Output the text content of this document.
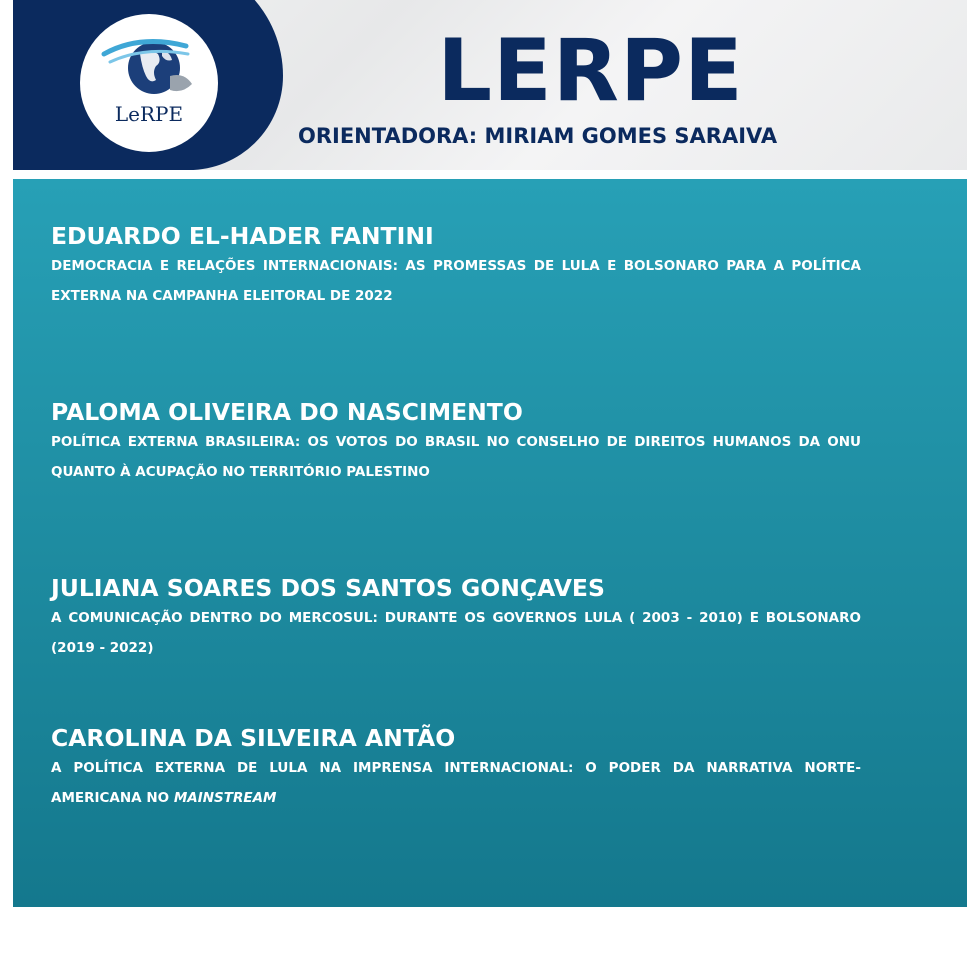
LeRPE	LERPE
ORIENTADORA: MIRIAM GOMES SARAIVA
EDUARDO EL-HADER FANTINI
DEMOCRACIA E RELAÇÕES INTERNACIONAIS: AS PROMESSAS DE LULA E BOLSONARO PARA A POLÍTICA EXTERNA NA CAMPANHA ELEITORAL DE 2022
PALOMA OLIVEIRA DO NASCIMENTO
POLÍTICA EXTERNA BRASILEIRA: OS VOTOS DO BRASIL NO CONSELHO DE DIREITOS HUMANOS DA ONU QUANTO À ACUPAÇÃO NO TERRITÓRIO PALESTINO
JULIANA SOARES DOS SANTOS GONÇAVES
A COMUNICAÇÃO DENTRO DO MERCOSUL: DURANTE OS GOVERNOS LULA ( 2003 - 2010) E BOLSONARO (2019 - 2022)
CAROLINA DA SILVEIRA ANTÃO
A POLÍTICA EXTERNA DE LULA NA IMPRENSA INTERNACIONAL: O PODER DA NARRATIVA NORTE-AMERICANA NO MAINSTREAM
